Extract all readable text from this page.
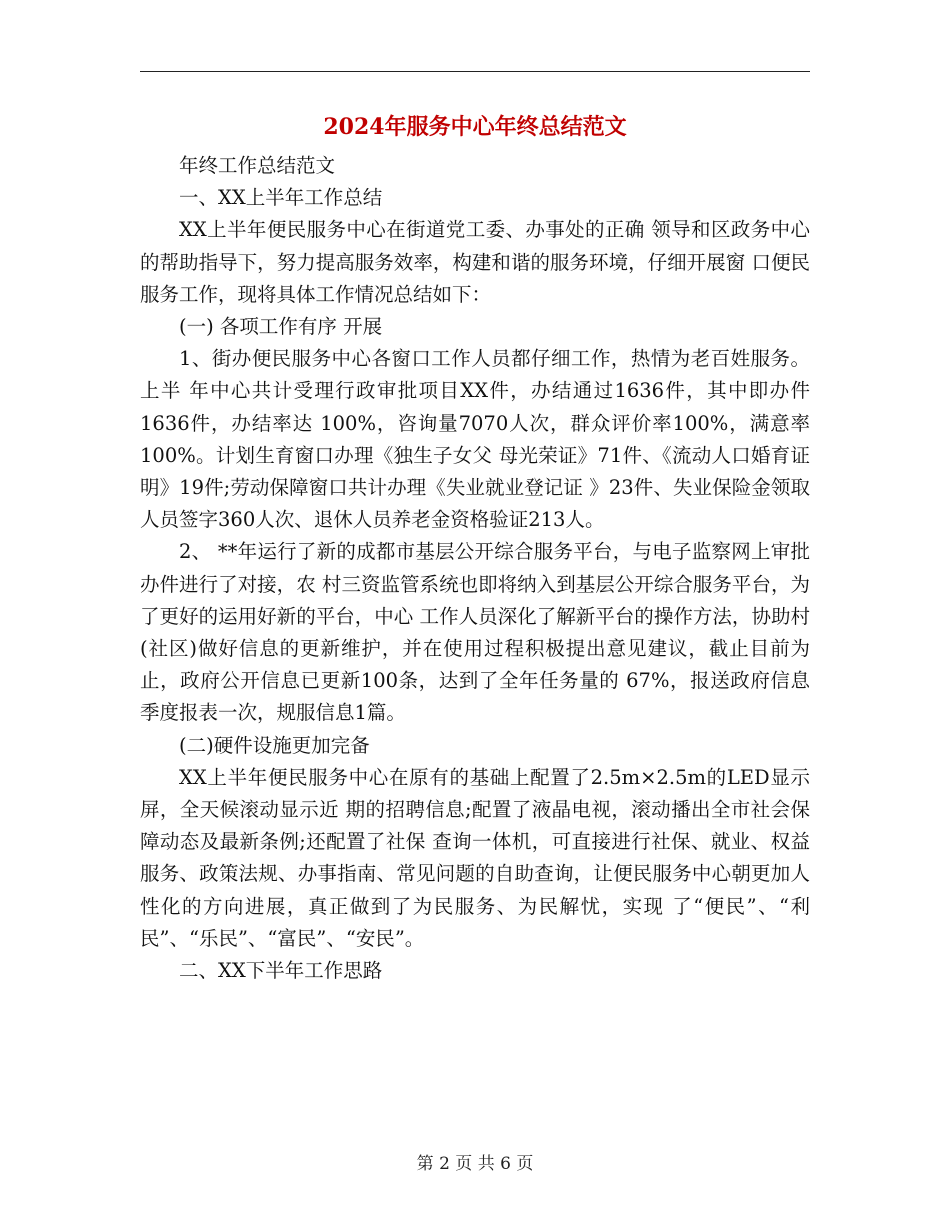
2024年服务中心年终总结范文

年终工作总结范文

一、XX上半年工作总结

XX上半年便民服务中心在街道党工委、办事处的正确 领导和区政务中心的帮助指导下，努力提高服务效率，构建和谐的服务环境，仔细开展窗 口便民服务工作，现将具体工作情况总结如下：

(一) 各项工作有序 开展

1、街办便民服务中心各窗口工作人员都仔细工作，热情为老百姓服务。上半 年中心共计受理行政审批项目XX件，办结通过1636件，其中即办件1636件，办结率达 100%，咨询量7070人次，群众评价率100%，满意率100%。计划生育窗口办理《独生子女父 母光荣证》71件、《流动人口婚育证明》19件;劳动保障窗口共计办理《失业就业登记证 》23件、失业保险金领取人员签字360人次、退休人员养老金资格验证213人。

2、 **年运行了新的成都市基层公开综合服务平台，与电子监察网上审批办件进行了对接，农 村三资监管系统也即将纳入到基层公开综合服务平台，为了更好的运用好新的平台，中心 工作人员深化了解新平台的操作方法，协助村(社区)做好信息的更新维护，并在使用过程积极提出意见建议，截止目前为止，政府公开信息已更新100条，达到了全年任务量的 67%，报送政府信息季度报表一次，规服信息1篇。

(二)硬件设施更加完备

XX上半年便民服务中心在原有的基础上配置了2.5m×2.5m的LED显示屏，全天候滚动显示近 期的招聘信息;配置了液晶电视，滚动播出全市社会保障动态及最新条例;还配置了社保 查询一体机，可直接进行社保、就业、权益服务、政策法规、办事指南、常见问题的自助查询，让便民服务中心朝更加人性化的方向进展，真正做到了为民服务、为民解忧，实现 了“便民”、“利民”、“乐民”、“富民”、“安民”。

二、XX下半年工作思路

第 2 页 共 6 页
